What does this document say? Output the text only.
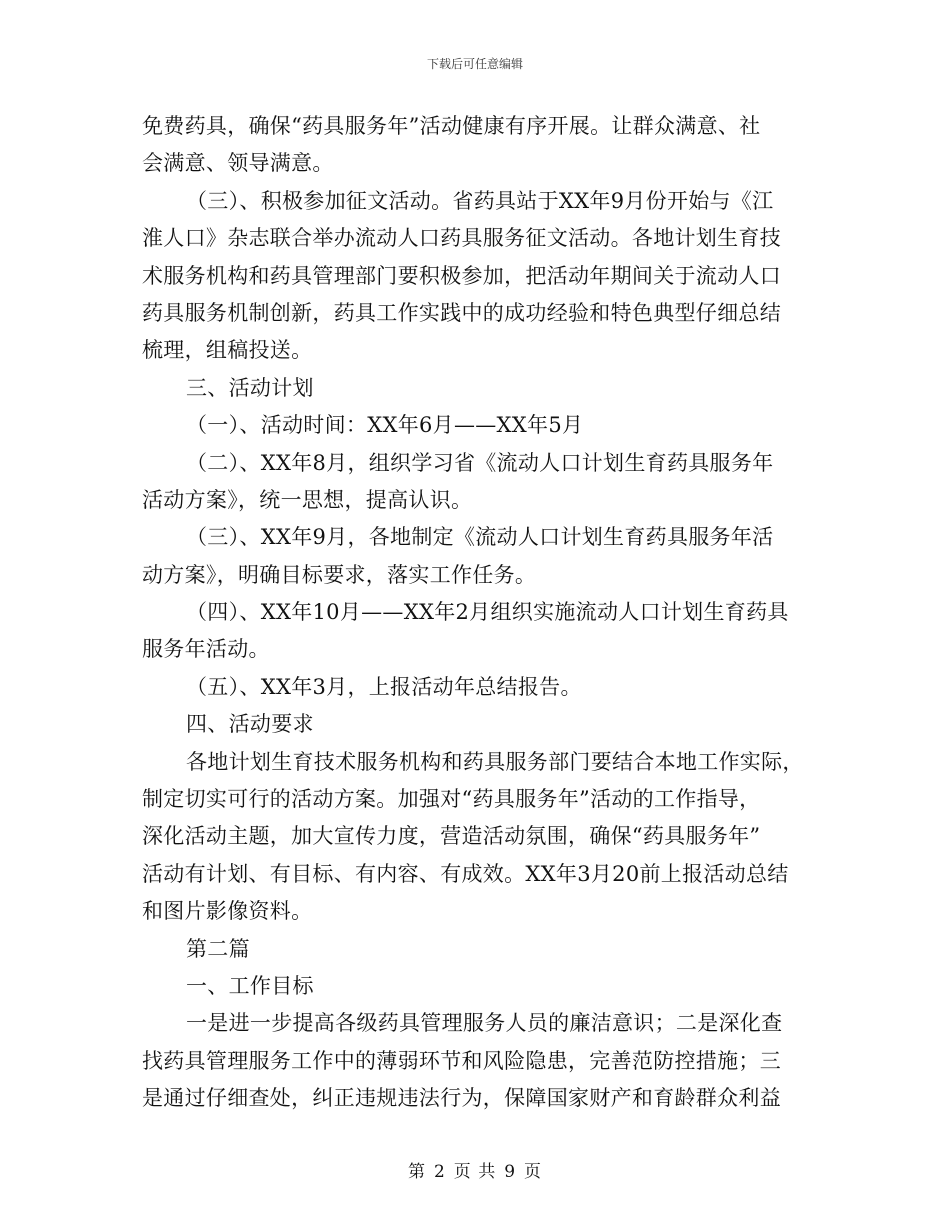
下载后可任意编辑
免费药具，确保“药具服务年”活动健康有序开展。让群众满意、社
会满意、领导满意。
（三）、积极参加征文活动。省药具站于XX年9月份开始与《江
淮人口》杂志联合举办流动人口药具服务征文活动。各地计划生育技
术服务机构和药具管理部门要积极参加，把活动年期间关于流动人口
药具服务机制创新，药具工作实践中的成功经验和特色典型仔细总结
梳理，组稿投送。
三、活动计划
（一）、活动时间：XX年6月——XX年5月
（二）、XX年8月，组织学习省《流动人口计划生育药具服务年
活动方案》，统一思想，提高认识。
（三）、XX年9月，各地制定《流动人口计划生育药具服务年活
动方案》，明确目标要求，落实工作任务。
（四）、XX年10月——XX年2月组织实施流动人口计划生育药具
服务年活动。
（五）、XX年3月，上报活动年总结报告。
四、活动要求
各地计划生育技术服务机构和药具服务部门要结合本地工作实际，
制定切实可行的活动方案。加强对“药具服务年”活动的工作指导，
深化活动主题，加大宣传力度，营造活动氛围，确保“药具服务年”
活动有计划、有目标、有内容、有成效。XX年3月20前上报活动总结
和图片影像资料。
第二篇
一、工作目标
一是进一步提高各级药具管理服务人员的廉洁意识；二是深化查
找药具管理服务工作中的薄弱环节和风险隐患，完善范防控措施；三
是通过仔细查处，纠正违规违法行为，保障国家财产和育龄群众利益
第 2 页 共 9 页
